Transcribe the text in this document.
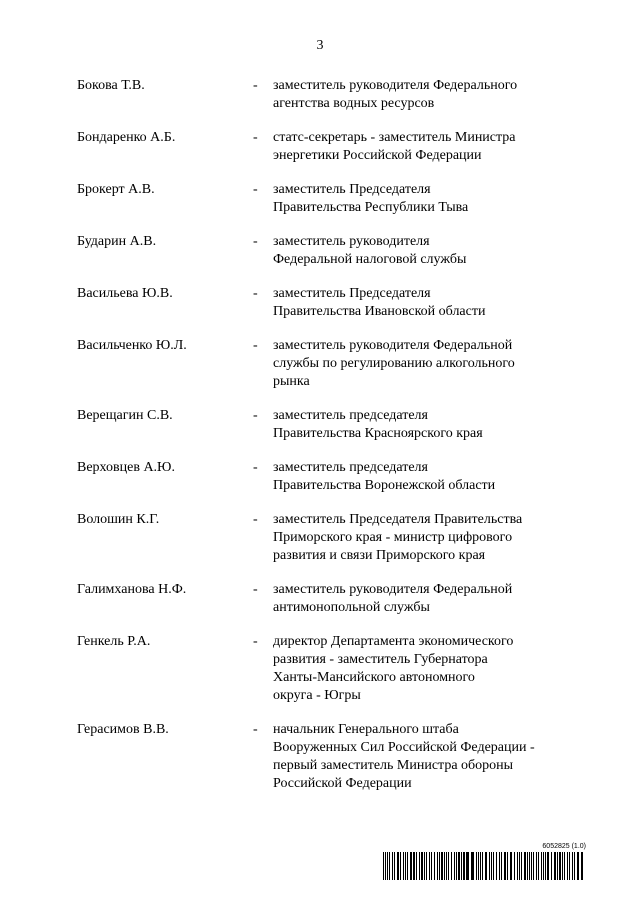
3
Бокова Т.В.	-	заместитель руководителя Федерального
агентства водных ресурсов
Бондаренко А.Б.	-	статс-секретарь - заместитель Министра
энергетики Российской Федерации
Брокерт А.В.	-	заместитель Председателя
Правительства Республики Тыва
Бударин А.В.	-	заместитель руководителя
Федеральной налоговой службы
Васильева Ю.В.	-	заместитель Председателя
Правительства Ивановской области
Васильченко Ю.Л.	-	заместитель руководителя Федеральной
службы по регулированию алкогольного
рынка
Верещагин С.В.	-	заместитель председателя
Правительства Красноярского края
Верховцев А.Ю.	-	заместитель председателя
Правительства Воронежской области
Волошин К.Г.	-	заместитель Председателя Правительства
Приморского края - министр цифрового
развития и связи Приморского края
Галимханова Н.Ф.	-	заместитель руководителя Федеральной
антимонопольной службы
Генкель Р.А.	-	директор Департамента экономического
развития - заместитель Губернатора
Ханты-Мансийского автономного
округа - Югры
Герасимов В.В.	-	начальник Генерального штаба
Вооруженных Сил Российской Федерации -
первый заместитель Министра обороны
Российской Федерации
6052825 (1.0)
